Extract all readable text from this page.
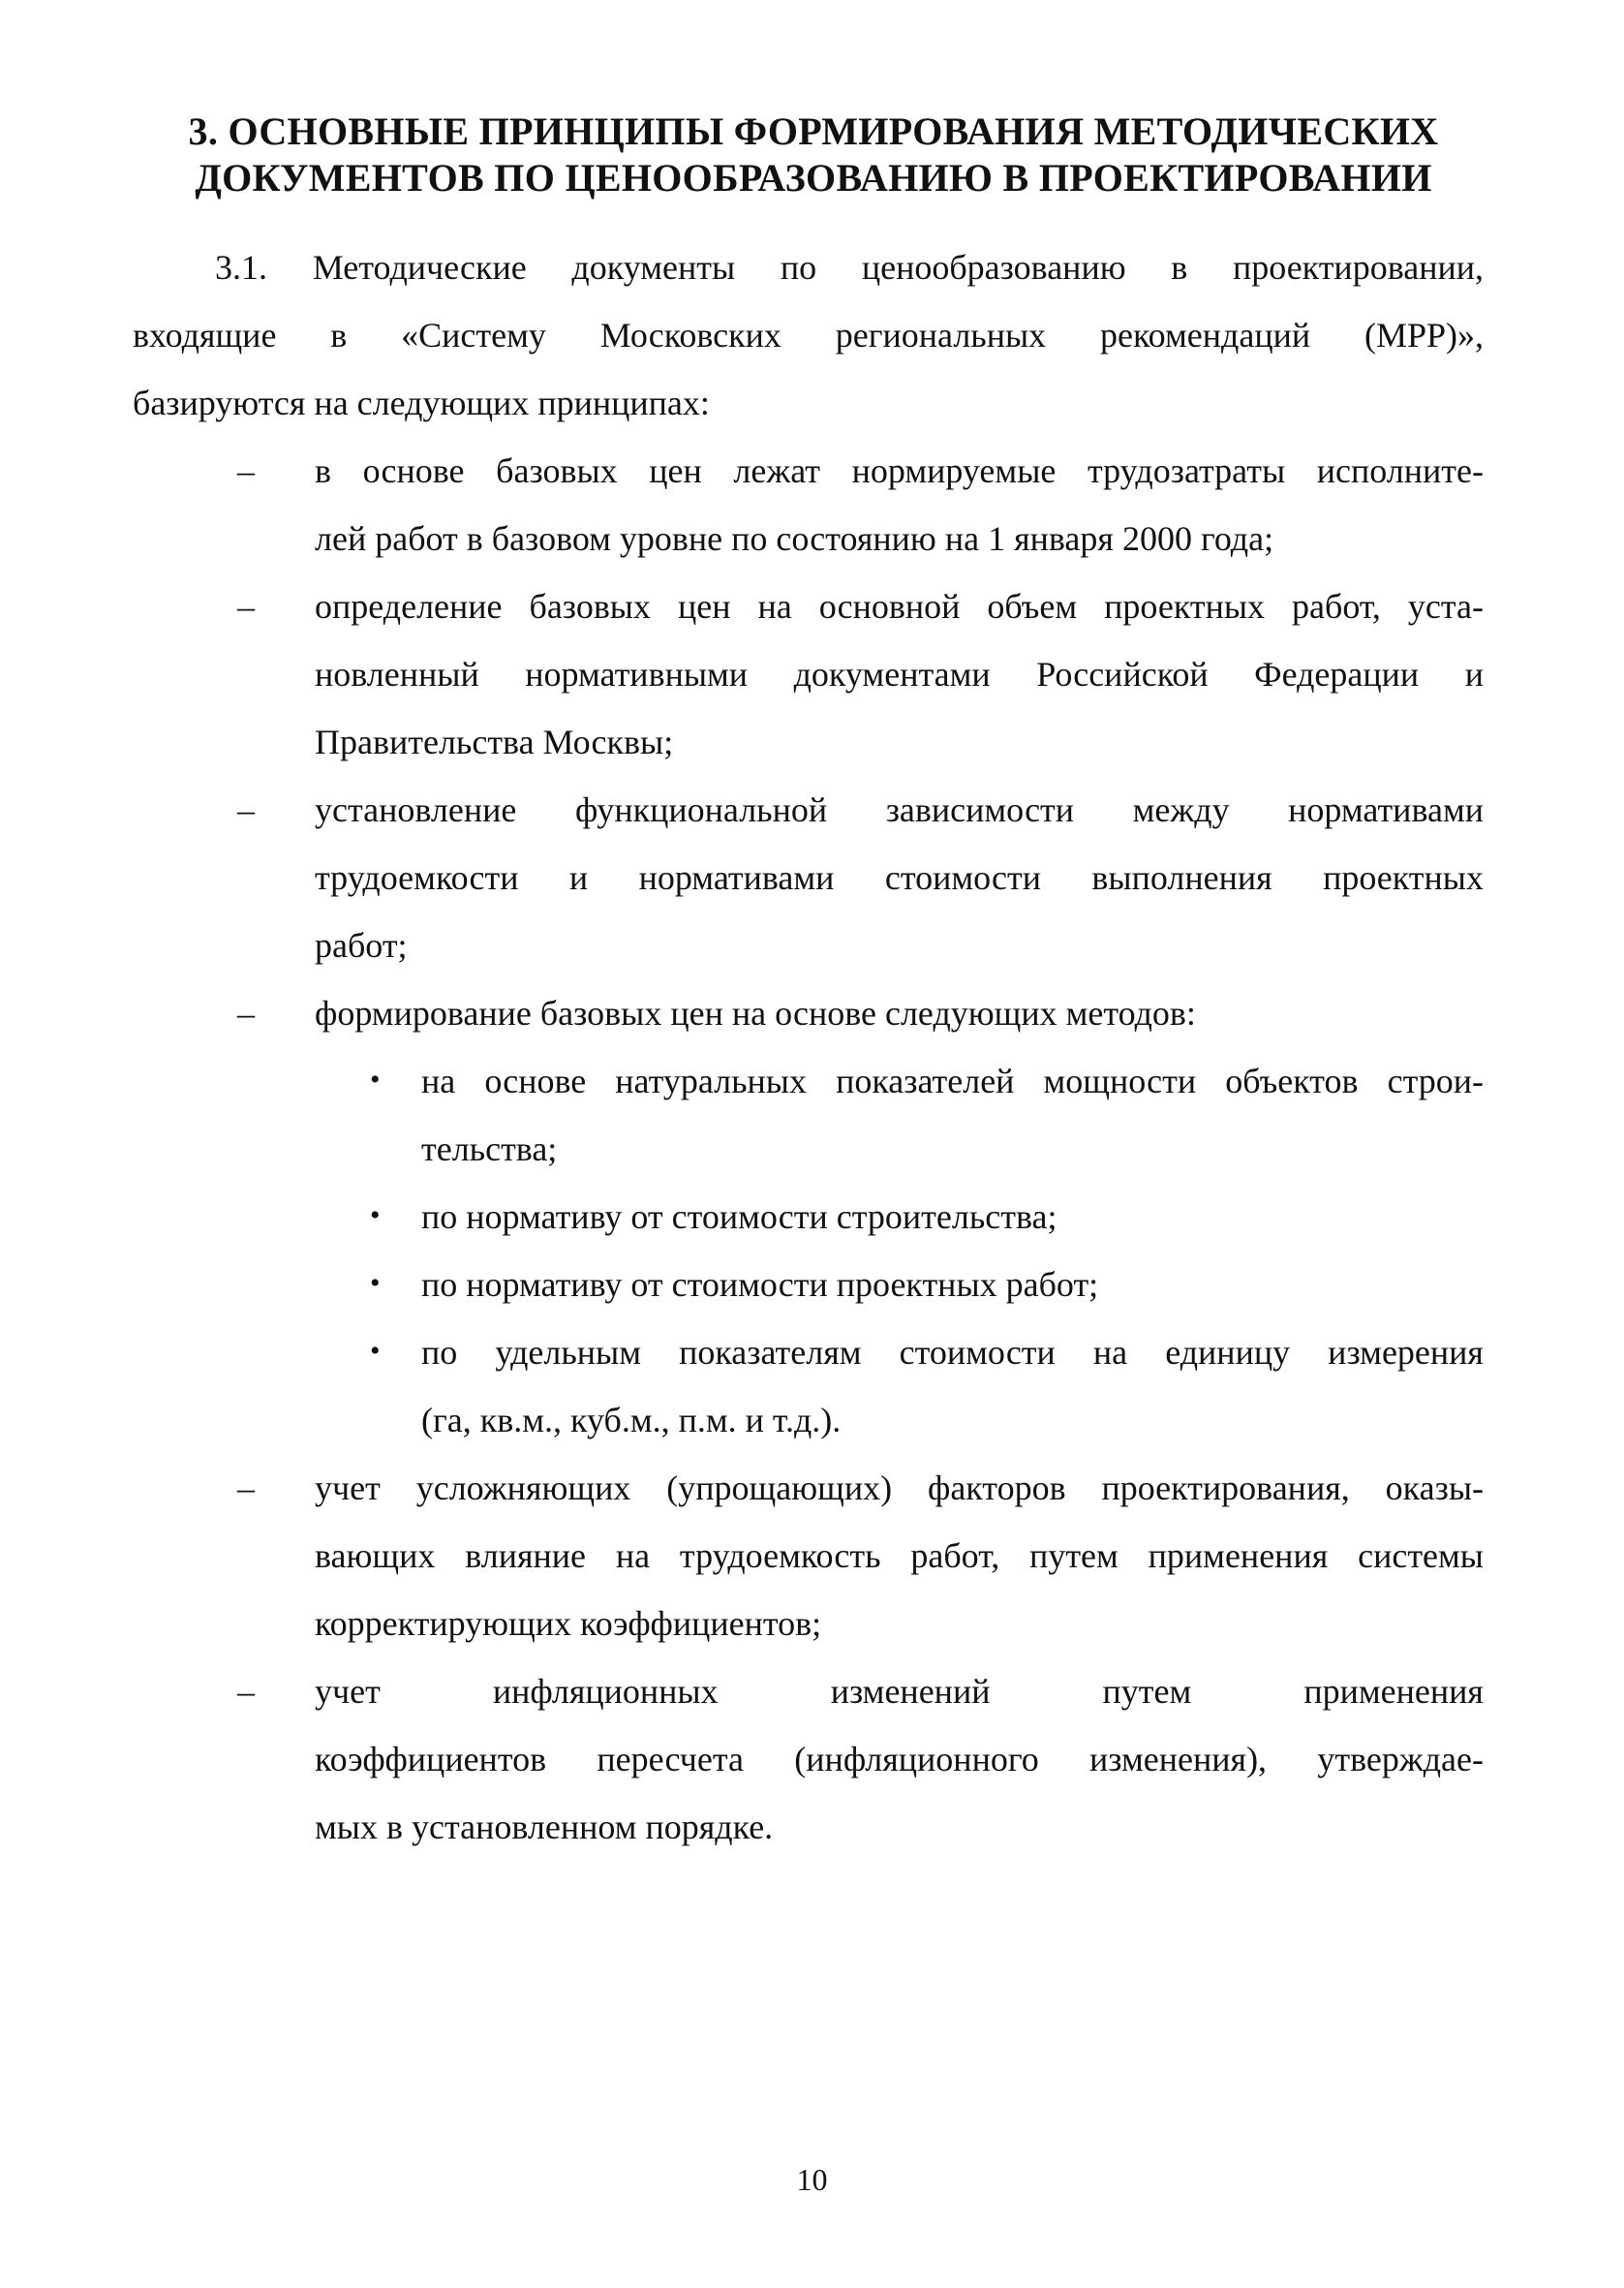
3. ОСНОВНЫЕ ПРИНЦИПЫ ФОРМИРОВАНИЯ МЕТОДИЧЕСКИХ
ДОКУМЕНТОВ ПО ЦЕНООБРАЗОВАНИЮ В ПРОЕКТИРОВАНИИ
3.1. Методические документы по ценообразованию в проектировании,
входящие в «Систему Московских региональных рекомендаций (МРР)»,
базируются на следующих принципах:
– в основе базовых цен лежат нормируемые трудозатраты исполните-
лей работ в базовом уровне по состоянию на 1 января 2000 года;
– определение базовых цен на основной объем проектных работ, уста-
новленный нормативными документами Российской Федерации и
Правительства Москвы;
– установление функциональной зависимости между нормативами
трудоемкости и нормативами стоимости выполнения проектных
работ;
– формирование базовых цен на основе следующих методов:
• на основе натуральных показателей мощности объектов строи-
тельства;
• по нормативу от стоимости строительства;
• по нормативу от стоимости проектных работ;
• по удельным показателям стоимости на единицу измерения
(га, кв.м., куб.м., п.м. и т.д.).
– учет усложняющих (упрощающих) факторов проектирования, оказы-
вающих влияние на трудоемкость работ, путем применения системы
корректирующих коэффициентов;
– учет инфляционных изменений путем применения
коэффициентов пересчета (инфляционного изменения), утверждае-
мых в установленном порядке.
10
